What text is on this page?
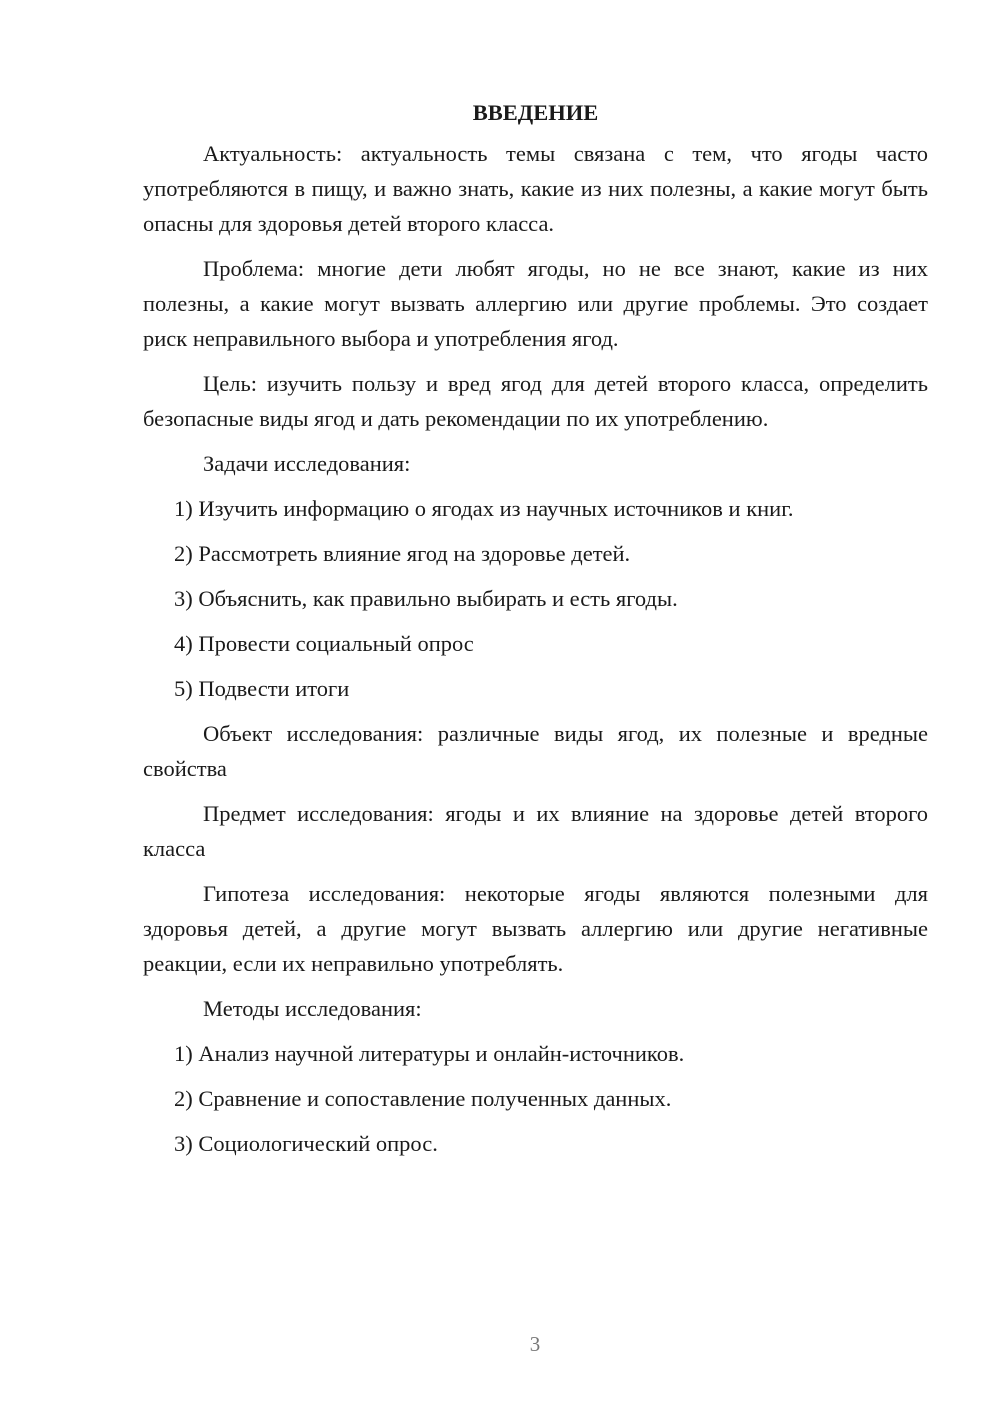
ВВЕДЕНИЕ

Актуальность: актуальность темы связана с тем, что ягоды часто употребляются в пищу, и важно знать, какие из них полезны, а какие могут быть опасны для здоровья детей второго класса.

Проблема: многие дети любят ягоды, но не все знают, какие из них полезны, а какие могут вызвать аллергию или другие проблемы. Это создает риск неправильного выбора и употребления ягод.

Цель: изучить пользу и вред ягод для детей второго класса, определить безопасные виды ягод и дать рекомендации по их употреблению.

Задачи исследования:

1) Изучить информацию о ягодах из научных источников и книг.
2) Рассмотреть влияние ягод на здоровье детей.
3) Объяснить, как правильно выбирать и есть ягоды.
4) Провести социальный опрос
5) Подвести итоги

Объект исследования: различные виды ягод, их полезные и вредные свойства

Предмет исследования: ягоды и их влияние на здоровье детей второго класса

Гипотеза исследования: некоторые ягоды являются полезными для здоровья детей, а другие могут вызвать аллергию или другие негативные реакции, если их неправильно употреблять.

Методы исследования:

1) Анализ научной литературы и онлайн-источников.
2) Сравнение и сопоставление полученных данных.
3) Социологический опрос.
3
